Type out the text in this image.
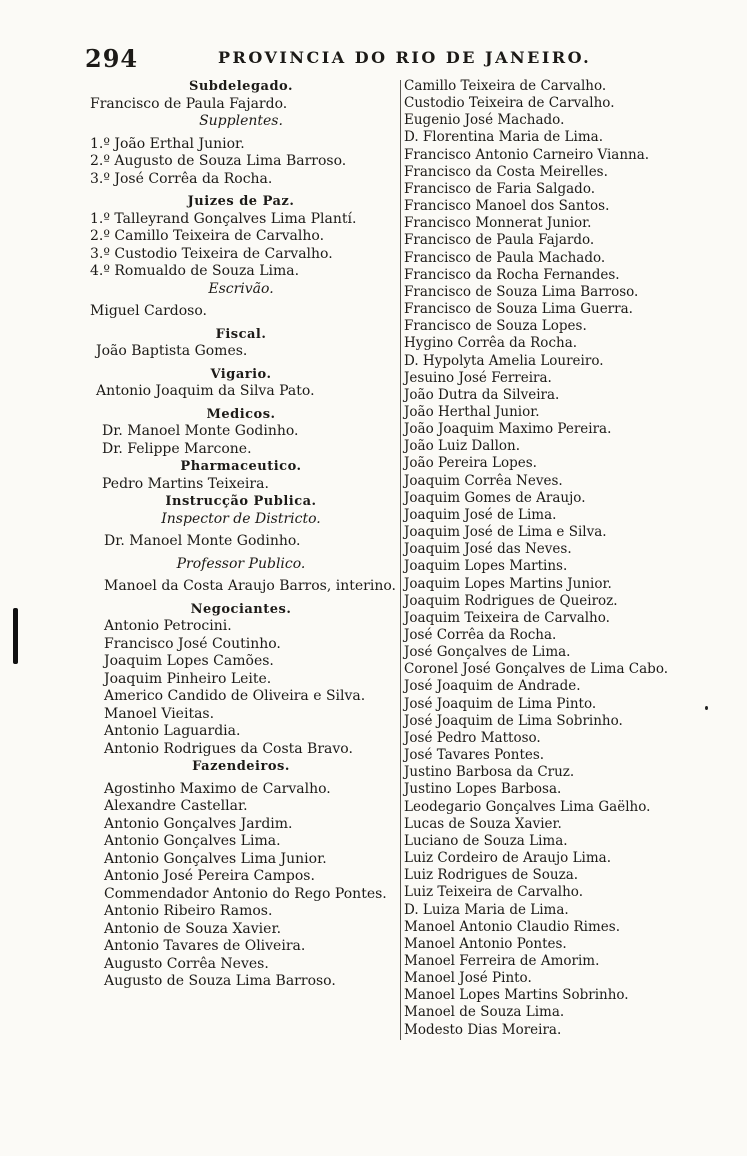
294	PROVINCIA DO RIO DE JANEIRO.
Subdelegado.
Francisco de Paula Fajardo.
Supplentes.
1.º João Erthal Junior.
2.º Augusto de Souza Lima Barroso.
3.º José Corrêa da Rocha.
Juizes de Paz.
1.º Talleyrand Gonçalves Lima Plantí.
2.º Camillo Teixeira de Carvalho.
3.º Custodio Teixeira de Carvalho.
4.º Romualdo de Souza Lima.
Escrivão.
Miguel Cardoso.
Fiscal.
João Baptista Gomes.
Vigario.
Antonio Joaquim da Silva Pato.
Medicos.
Dr. Manoel Monte Godinho.
Dr. Felippe Marcone.
Pharmaceutico.
Pedro Martins Teixeira.
Instrucção Publica.
Inspector de Districto.
Dr. Manoel Monte Godinho.
Professor Publico.
Manoel da Costa Araujo Barros, interino.
Negociantes.
Antonio Petrocini.
Francisco José Coutinho.
Joaquim Lopes Camões.
Joaquim Pinheiro Leite.
Americo Candido de Oliveira e Silva.
Manoel Vieitas.
Antonio Laguardia.
Antonio Rodrigues da Costa Bravo.
Fazendeiros.
Agostinho Maximo de Carvalho.
Alexandre Castellar.
Antonio Gonçalves Jardim.
Antonio Gonçalves Lima.
Antonio Gonçalves Lima Junior.
Antonio José Pereira Campos.
Commendador Antonio do Rego Pontes.
Antonio Ribeiro Ramos.
Antonio de Souza Xavier.
Antonio Tavares de Oliveira.
Augusto Corrêa Neves.
Augusto de Souza Lima Barroso.
Camillo Teixeira de Carvalho.
Custodio Teixeira de Carvalho.
Eugenio José Machado.
D. Florentina Maria de Lima.
Francisco Antonio Carneiro Vianna.
Francisco da Costa Meirelles.
Francisco de Faria Salgado.
Francisco Manoel dos Santos.
Francisco Monnerat Junior.
Francisco de Paula Fajardo.
Francisco de Paula Machado.
Francisco da Rocha Fernandes.
Francisco de Souza Lima Barroso.
Francisco de Souza Lima Guerra.
Francisco de Souza Lopes.
Hygino Corrêa da Rocha.
D. Hypolyta Amelia Loureiro.
Jesuino José Ferreira.
João Dutra da Silveira.
João Herthal Junior.
João Joaquim Maximo Pereira.
João Luiz Dallon.
João Pereira Lopes.
Joaquim Corrêa Neves.
Joaquim Gomes de Araujo.
Joaquim José de Lima.
Joaquim José de Lima e Silva.
Joaquim José das Neves.
Joaquim Lopes Martins.
Joaquim Lopes Martins Junior.
Joaquim Rodrigues de Queiroz.
Joaquim Teixeira de Carvalho.
José Corrêa da Rocha.
José Gonçalves de Lima.
Coronel José Gonçalves de Lima Cabo.
José Joaquim de Andrade.
José Joaquim de Lima Pinto.
José Joaquim de Lima Sobrinho.
José Pedro Mattoso.
José Tavares Pontes.
Justino Barbosa da Cruz.
Justino Lopes Barbosa.
Leodegario Gonçalves Lima Gaëlho.
Lucas de Souza Xavier.
Luciano de Souza Lima.
Luiz Cordeiro de Araujo Lima.
Luiz Rodrigues de Souza.
Luiz Teixeira de Carvalho.
D. Luiza Maria de Lima.
Manoel Antonio Claudio Rimes.
Manoel Antonio Pontes.
Manoel Ferreira de Amorim.
Manoel José Pinto.
Manoel Lopes Martins Sobrinho.
Manoel de Souza Lima.
Modesto Dias Moreira.
